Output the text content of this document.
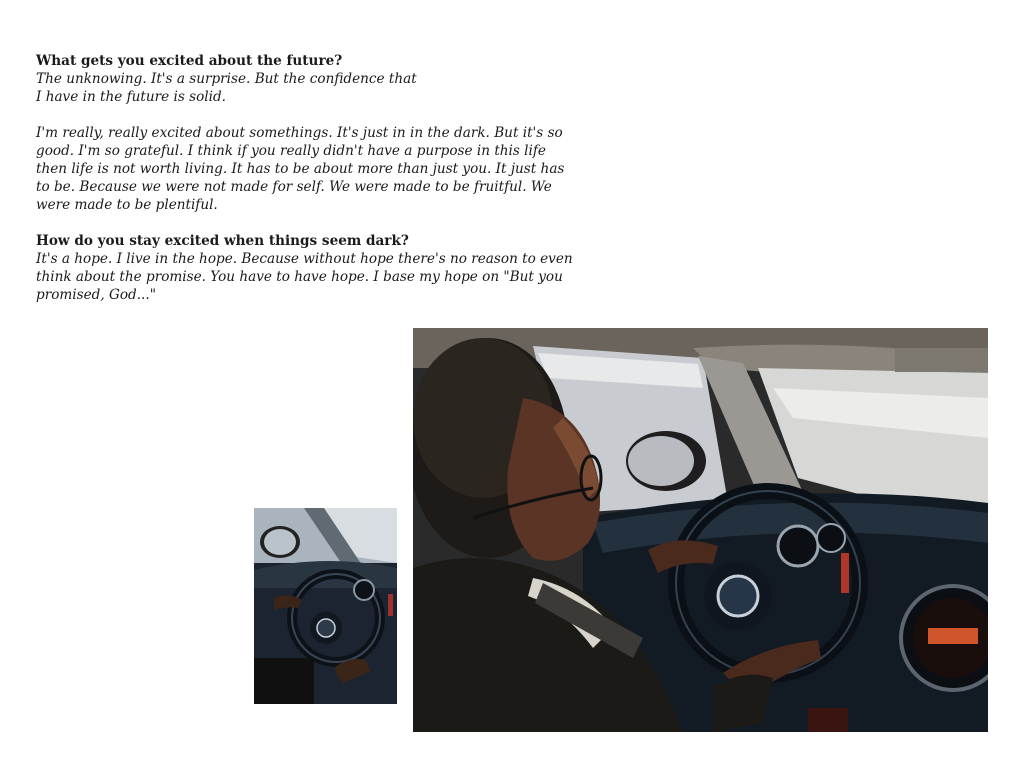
What gets you excited about the future?

The unknowing. It's a surprise. But the confidence that

I have in the future is solid.

I'm really, really excited about somethings. It's just in in the dark. But it's so

good. I'm so grateful. I think if you really didn't have a purpose in this life

then life is not worth living. It has to be about more than just you. It just has

to be. Because we were not made for self. We were made to be fruitful. We

were made to be plentiful.

How do you stay excited when things seem dark?

It's a hope. I live in the hope. Because without hope there's no reason to even

think about the promise. You have to have hope. I base my hope on "But you

promised, God..."
